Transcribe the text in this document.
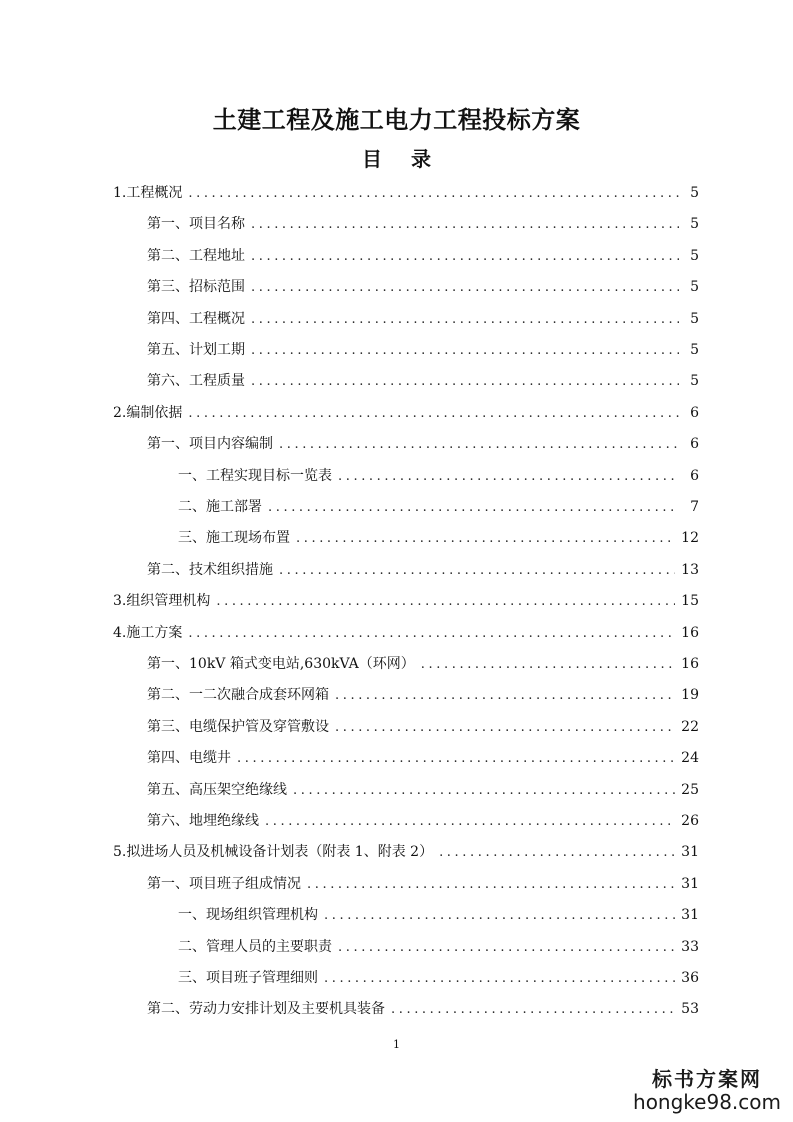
土建工程及施工电力工程投标方案
目 录
1.工程概况 .....	5
第一、项目名称 .....	5
第二、工程地址 .....	5
第三、招标范围 .....	5
第四、工程概况 .....	5
第五、计划工期 .....	5
第六、工程质量 .....	5
2.编制依据 .....	6
第一、项目内容编制 .....	6
一、工程实现目标一览表 .....	6
二、施工部署 .....	7
三、施工现场布置 .....	12
第二、技术组织措施 .....	13
3.组织管理机构 .....	15
4.施工方案 .....	16
第一、10kV 箱式变电站,630kVA（环网） .....	16
第二、一二次融合成套环网箱 .....	19
第三、电缆保护管及穿管敷设 .....	22
第四、电缆井 .....	24
第五、高压架空绝缘线 .....	25
第六、地埋绝缘线 .....	26
5.拟进场人员及机械设备计划表（附表 1、附表 2） .....	31
第一、项目班子组成情况 .....	31
一、现场组织管理机构 .....	31
二、管理人员的主要职责 .....	33
三、项目班子管理细则 .....	36
第二、劳动力安排计划及主要机具装备 .....	53
1
标书方案网
hongke98.com
